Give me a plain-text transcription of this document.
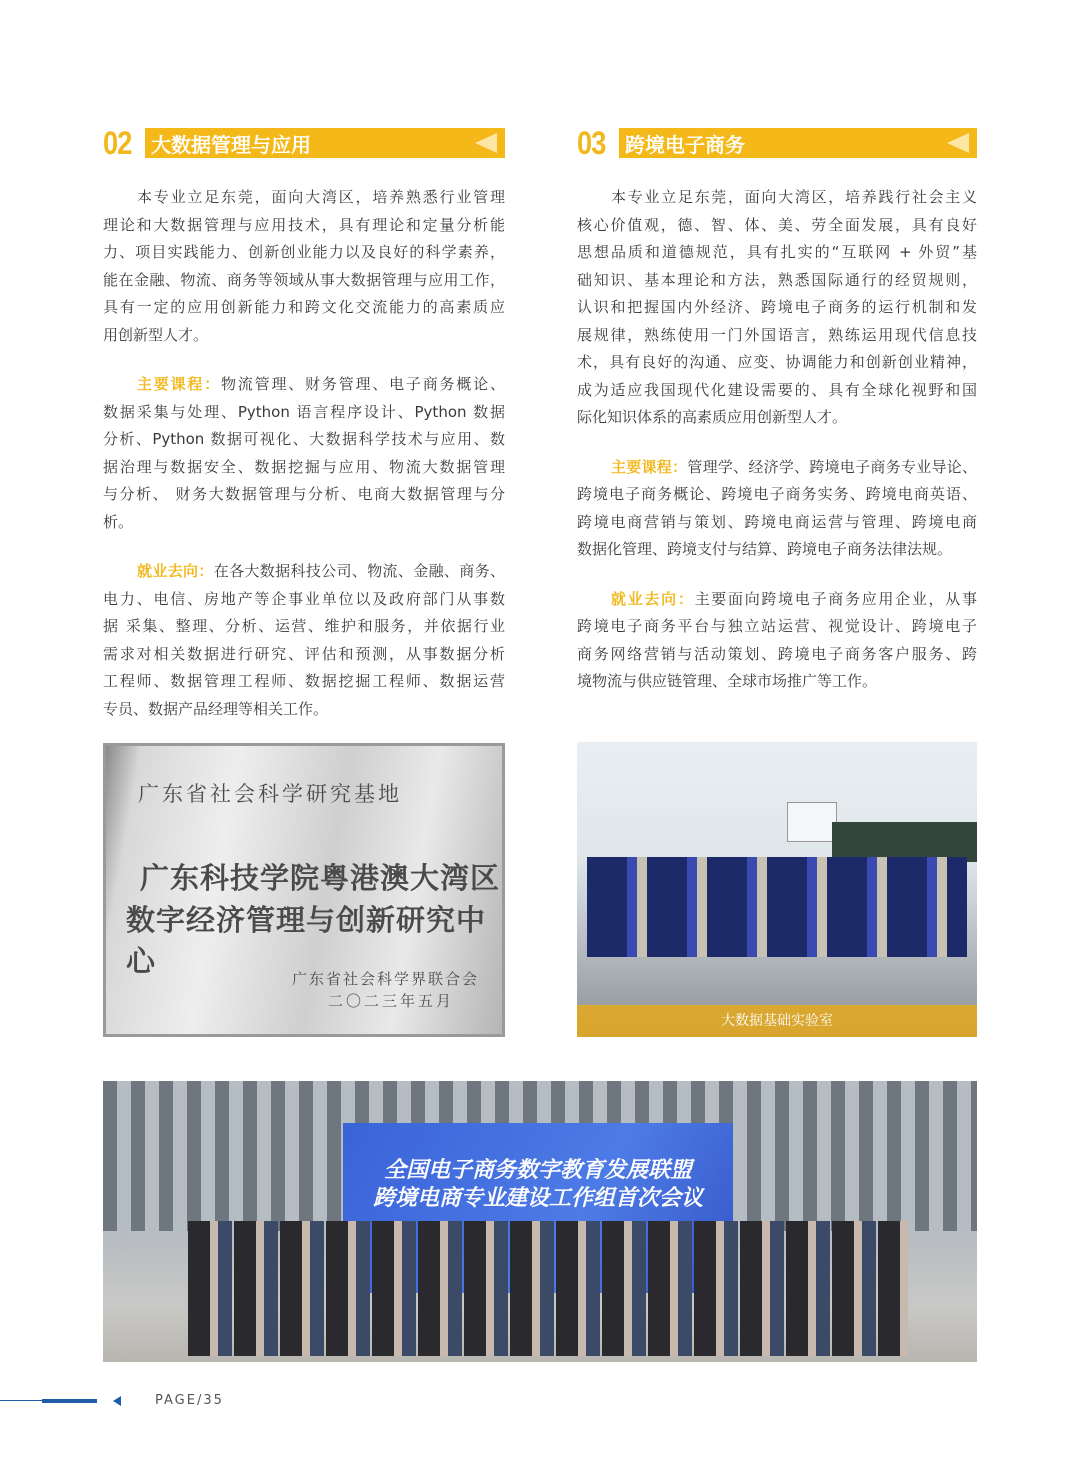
02 大数据管理与应用
本专业立足东莞，面向大湾区，培养熟悉行业管理
理论和大数据管理与应用技术，具有理论和定量分析能
力、项目实践能力、创新创业能力以及良好的科学素养，
能在金融、物流、商务等领域从事大数据管理与应用工作，
具有一定的应用创新能力和跨文化交流能力的高素质应
用创新型人才。
主要课程：物流管理、财务管理、电子商务概论、
数据采集与处理、Python 语言程序设计、Python 数据
分析、Python 数据可视化、大数据科学技术与应用、数
据治理与数据安全、数据挖掘与应用、物流大数据管理
与分析、 财务大数据管理与分析、电商大数据管理与分
析。
就业去向：在各大数据科技公司、物流、金融、商务、
电力、电信、房地产等企事业单位以及政府部门从事数
据 采集、整理、分析、运营、维护和服务，并依据行业
需求对相关数据进行研究、评估和预测，从事数据分析
工程师、数据管理工程师、数据挖掘工程师、数据运营
专员、数据产品经理等相关工作。
03 跨境电子商务
本专业立足东莞，面向大湾区，培养践行社会主义
核心价值观，德、智、体、美、劳全面发展，具有良好
思想品质和道德规范，具有扎实的“互联网 + 外贸”基
础知识、基本理论和方法，熟悉国际通行的经贸规则，
认识和把握国内外经济、跨境电子商务的运行机制和发
展规律，熟练使用一门外国语言，熟练运用现代信息技
术，具有良好的沟通、应变、协调能力和创新创业精神，
成为适应我国现代化建设需要的、具有全球化视野和国
际化知识体系的高素质应用创新型人才。
主要课程：管理学、经济学、跨境电子商务专业导论、
跨境电子商务概论、跨境电子商务实务、跨境电商英语、
跨境电商营销与策划、跨境电商运营与管理、跨境电商
数据化管理、跨境支付与结算、跨境电子商务法律法规。
就业去向：主要面向跨境电子商务应用企业，从事
跨境电子商务平台与独立站运营、视觉设计、跨境电子
商务网络营销与活动策划、跨境电子商务客户服务、跨
境物流与供应链管理、全球市场推广等工作。
广东省社会科学研究基地
广东科技学院粤港澳大湾区
数字经济管理与创新研究中心
广东省社会科学界联合会
二〇二三年五月
大数据基础实验室
全国电子商务数字教育发展联盟
跨境电商专业建设工作组首次会议
PAGE/35
